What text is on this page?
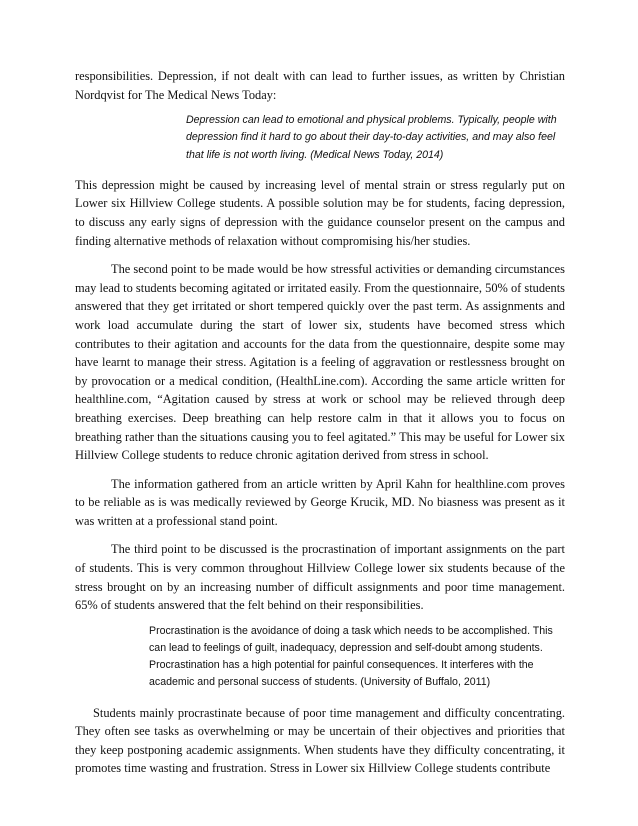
responsibilities. Depression, if not dealt with can lead to further issues, as written by Christian Nordqvist for The Medical News Today:

Depression can lead to emotional and physical problems. Typically, people with depression find it hard to go about their day-to-day activities, and may also feel that life is not worth living. (Medical News Today, 2014)

This depression might be caused by increasing level of mental strain or stress regularly put on Lower six Hillview College students. A possible solution may be for students, facing depression, to discuss any early signs of depression with the guidance counselor present on the campus and finding alternative methods of relaxation without compromising his/her studies.

The second point to be made would be how stressful activities or demanding circumstances may lead to students becoming agitated or irritated easily. From the questionnaire, 50% of students answered that they get irritated or short tempered quickly over the past term. As assignments and work load accumulate during the start of lower six, students have becomed stress which contributes to their agitation and accounts for the data from the questionnaire, despite some may have learnt to manage their stress. Agitation is a feeling of aggravation or restlessness brought on by provocation or a medical condition, (HealthLine.com). According the same article written for healthline.com, “Agitation caused by stress at work or school may be relieved through deep breathing exercises. Deep breathing can help restore calm in that it allows you to focus on breathing rather than the situations causing you to feel agitated.” This may be useful for Lower six Hillview College students to reduce chronic agitation derived from stress in school.

The information gathered from an article written by April Kahn for healthline.com proves to be reliable as is was medically reviewed by George Krucik, MD. No biasness was present as it was written at a professional stand point.

The third point to be discussed is the procrastination of important assignments on the part of students. This is very common throughout Hillview College lower six students because of the stress brought on by an increasing number of difficult assignments and poor time management. 65% of students answered that the felt behind on their responsibilities.

Procrastination is the avoidance of doing a task which needs to be accomplished. This can lead to feelings of guilt, inadequacy, depression and self-doubt among students. Procrastination has a high potential for painful consequences. It interferes with the academic and personal success of students. (University of Buffalo, 2011)

Students mainly procrastinate because of poor time management and difficulty concentrating. They often see tasks as overwhelming or may be uncertain of their objectives and priorities that they keep postponing academic assignments. When students have they difficulty concentrating, it promotes time wasting and frustration. Stress in Lower six Hillview College students contribute
